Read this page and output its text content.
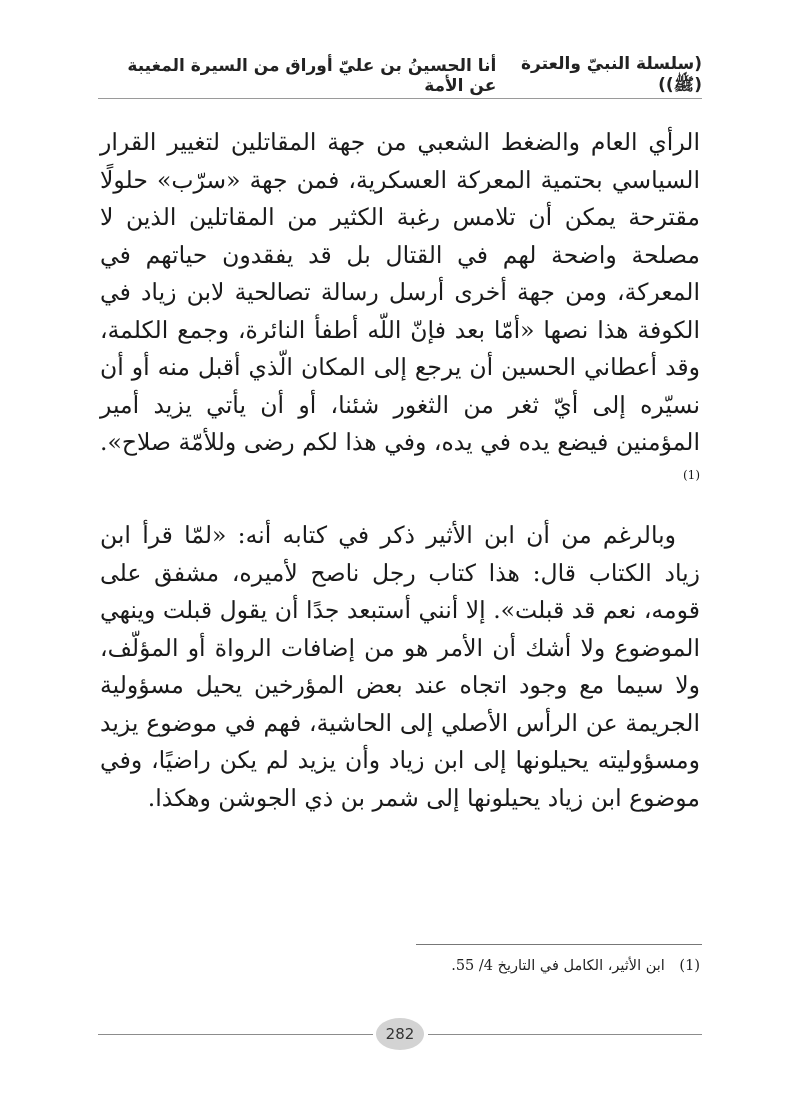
(سلسلة النبيّ والعترة (ﷺ))
أنا الحسينُ بن عليّ أوراق من السيرة المغيبة عن الأمة

الرأي العام والضغط الشعبي من جهة المقاتلين لتغيير القرار السياسي بحتمية المعركة العسكرية، فمن جهة «سرّب» حلولًا مقترحة يمكن أن تلامس رغبة الكثير من المقاتلين الذين لا مصلحة واضحة لهم في القتال بل قد يفقدون حياتهم في المعركة، ومن جهة أخرى أرسل رسالة تصالحية لابن زياد في الكوفة هذا نصها «أمّا بعد فإنّ اللّه أطفأ النائرة، وجمع الكلمة، وقد أعطاني الحسين أن يرجع إلى المكان الّذي أقبل منه أو أن نسيّره إلى أيّ ثغر من الثغور شئنا، أو أن يأتي يزيد أمير المؤمنين فيضع يده في يده، وفي هذا لكم رضى وللأمّة صلاح». $^{(1)}$

وبالرغم من أن ابن الأثير ذكر في كتابه أنه: «لمّا قرأ ابن زياد الكتاب قال: هذا كتاب رجل ناصح لأميره، مشفق على قومه، نعم قد قبلت». إلا أنني أستبعد جدًا أن يقول قبلت وينهي الموضوع ولا أشك أن الأمر هو من إضافات الرواة أو المؤلّف، ولا سيما مع وجود اتجاه عند بعض المؤرخين يحيل مسؤولية الجريمة عن الرأس الأصلي إلى الحاشية، فهم في موضوع يزيد ومسؤوليته يحيلونها إلى ابن زياد وأن يزيد لم يكن راضيًا، وفي موضوع ابن زياد يحيلونها إلى شمر بن ذي الجوشن وهكذا.

(1) ابن الأثير، الكامل في التاريخ 4/ 55.
282
